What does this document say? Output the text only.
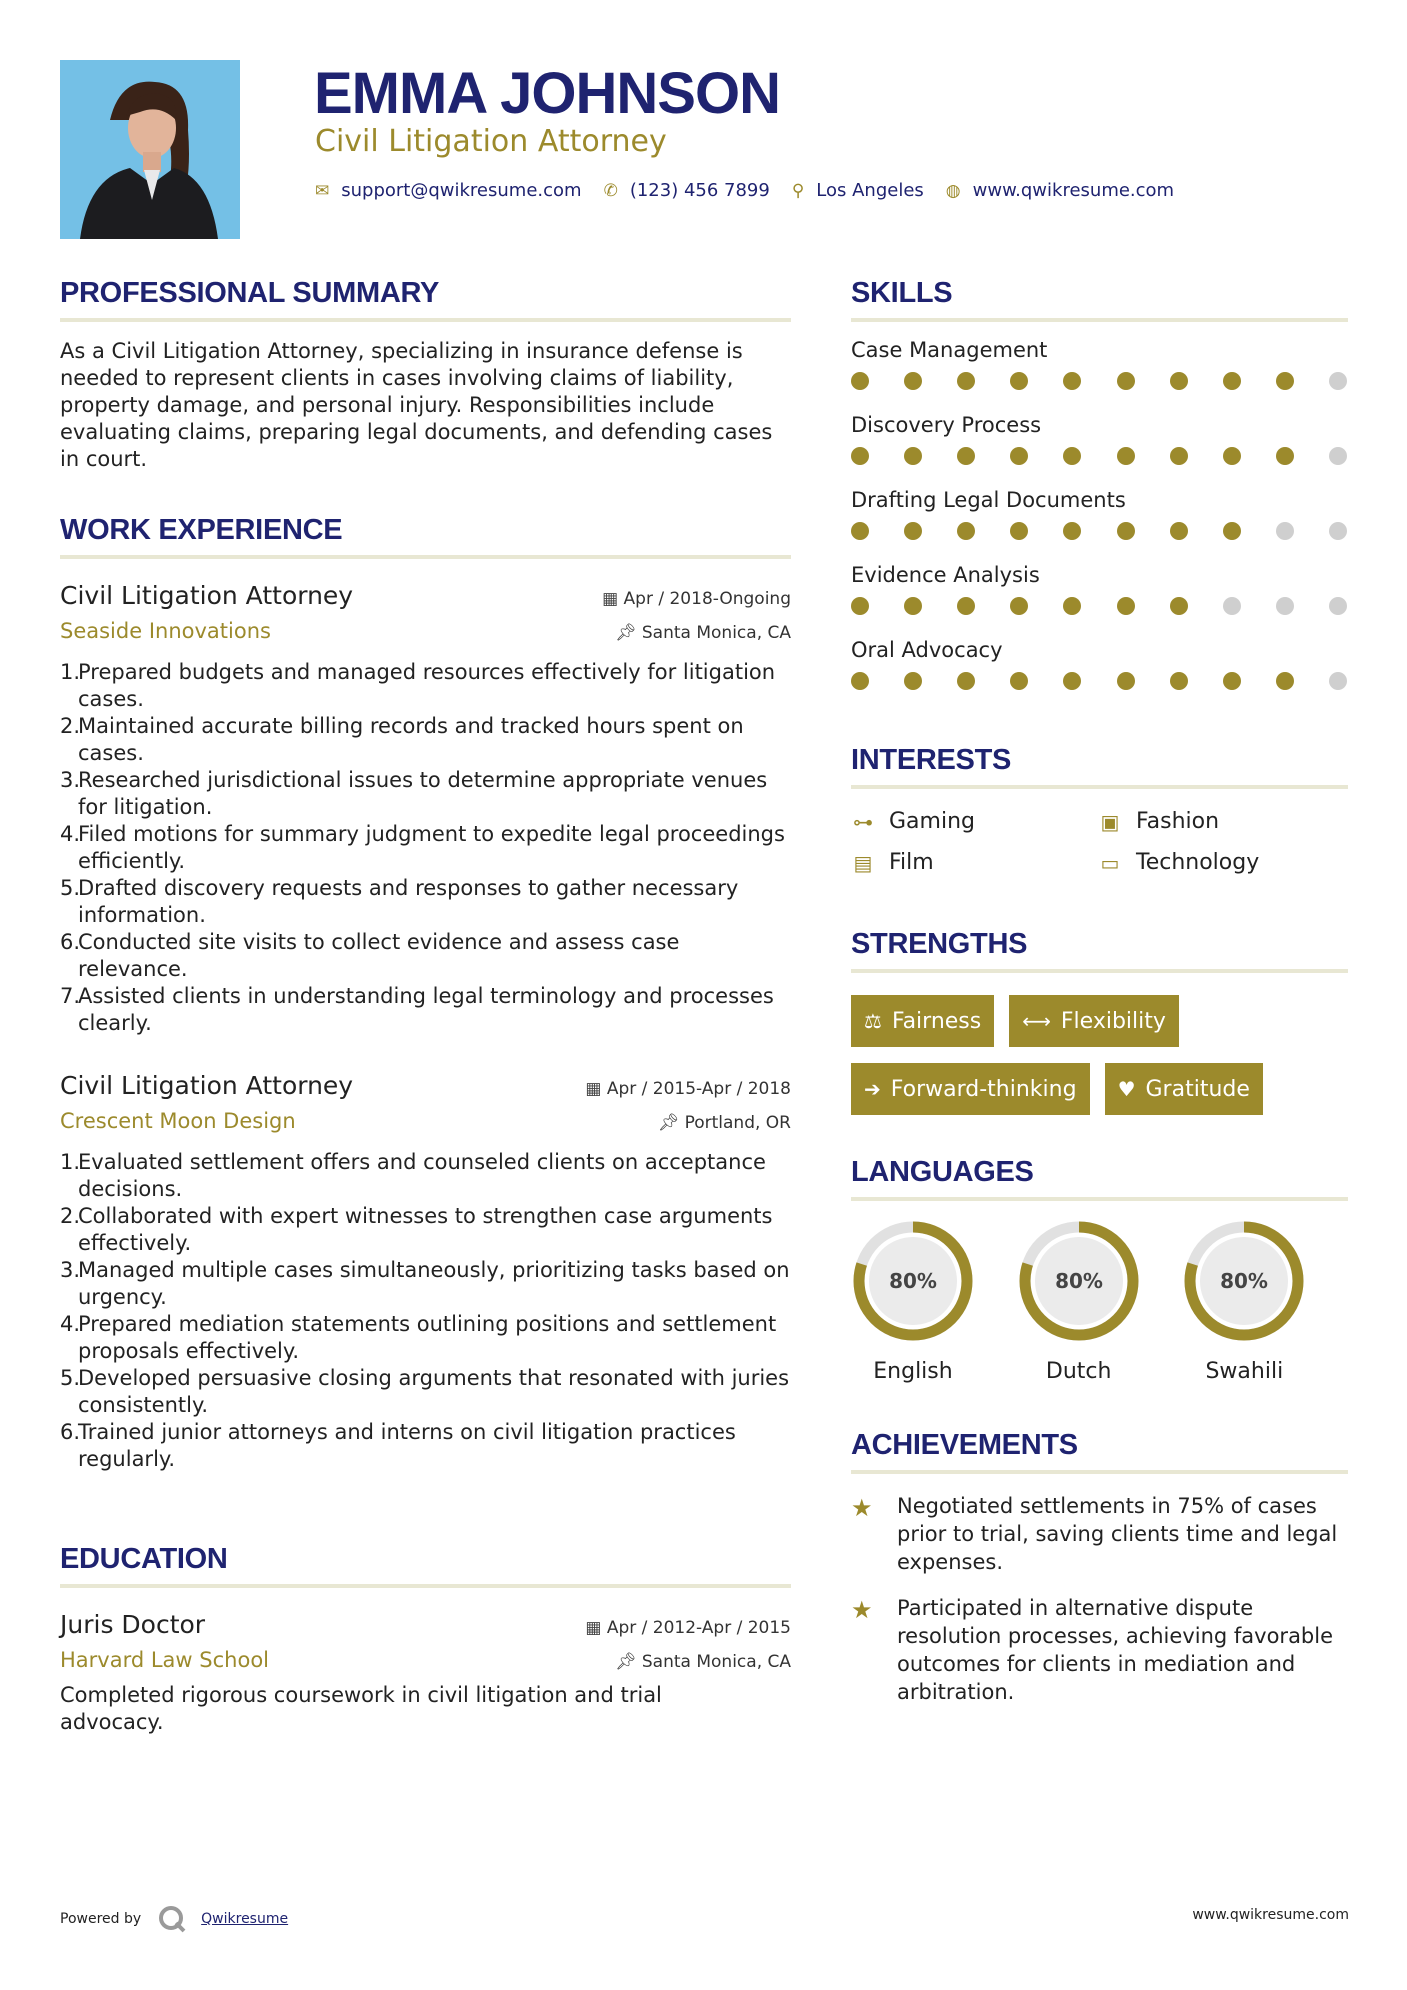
EMMA JOHNSON
Civil Litigation Attorney
✉ support@qwikresume.com ✆ (123) 456 7899 ⚲ Los Angeles ◍ www.qwikresume.com
PROFESSIONAL SUMMARY
As a Civil Litigation Attorney, specializing in insurance defense is needed to represent clients in cases involving claims of liability, property damage, and personal injury. Responsibilities include evaluating claims, preparing legal documents, and defending cases in court.
WORK EXPERIENCE
Civil Litigation Attorney	▦ Apr / 2018-Ongoing
Seaside Innovations	📌︎ Santa Monica, CA
1.
Prepared budgets and managed resources effectively for litigation cases.
2.
Maintained accurate billing records and tracked hours spent on cases.
3.
Researched jurisdictional issues to determine appropriate venues for litigation.
4.
Filed motions for summary judgment to expedite legal proceedings efficiently.
5.
Drafted discovery requests and responses to gather necessary information.
6.
Conducted site visits to collect evidence and assess case relevance.
7.
Assisted clients in understanding legal terminology and processes clearly.
Civil Litigation Attorney	▦ Apr / 2015-Apr / 2018
Crescent Moon Design	📌︎ Portland, OR
1.
Evaluated settlement offers and counseled clients on acceptance decisions.
2.
Collaborated with expert witnesses to strengthen case arguments effectively.
3.
Managed multiple cases simultaneously, prioritizing tasks based on urgency.
4.
Prepared mediation statements outlining positions and settlement proposals effectively.
5.
Developed persuasive closing arguments that resonated with juries consistently.
6.
Trained junior attorneys and interns on civil litigation practices regularly.
EDUCATION
Juris Doctor	▦ Apr / 2012-Apr / 2015
Harvard Law School	📌︎ Santa Monica, CA
Completed rigorous coursework in civil litigation and trial advocacy.
SKILLS
Case Management
Discovery Process
Drafting Legal Documents
Evidence Analysis
Oral Advocacy
INTERESTS
⊶ Gaming	▣ Fashion
▤ Film	▭ Technology
STRENGTHS
⚖ Fairness ⟷ Flexibility
➔ Forward-thinking ♥ Gratitude
LANGUAGES
80%
English
80%
Dutch
80%
Swahili
ACHIEVEMENTS
★	Negotiated settlements in 75% of cases prior to trial, saving clients time and legal expenses.
★	Participated in alternative dispute resolution processes, achieving favorable outcomes for clients in mediation and arbitration.
Powered by	Qwikresume	www.qwikresume.com
